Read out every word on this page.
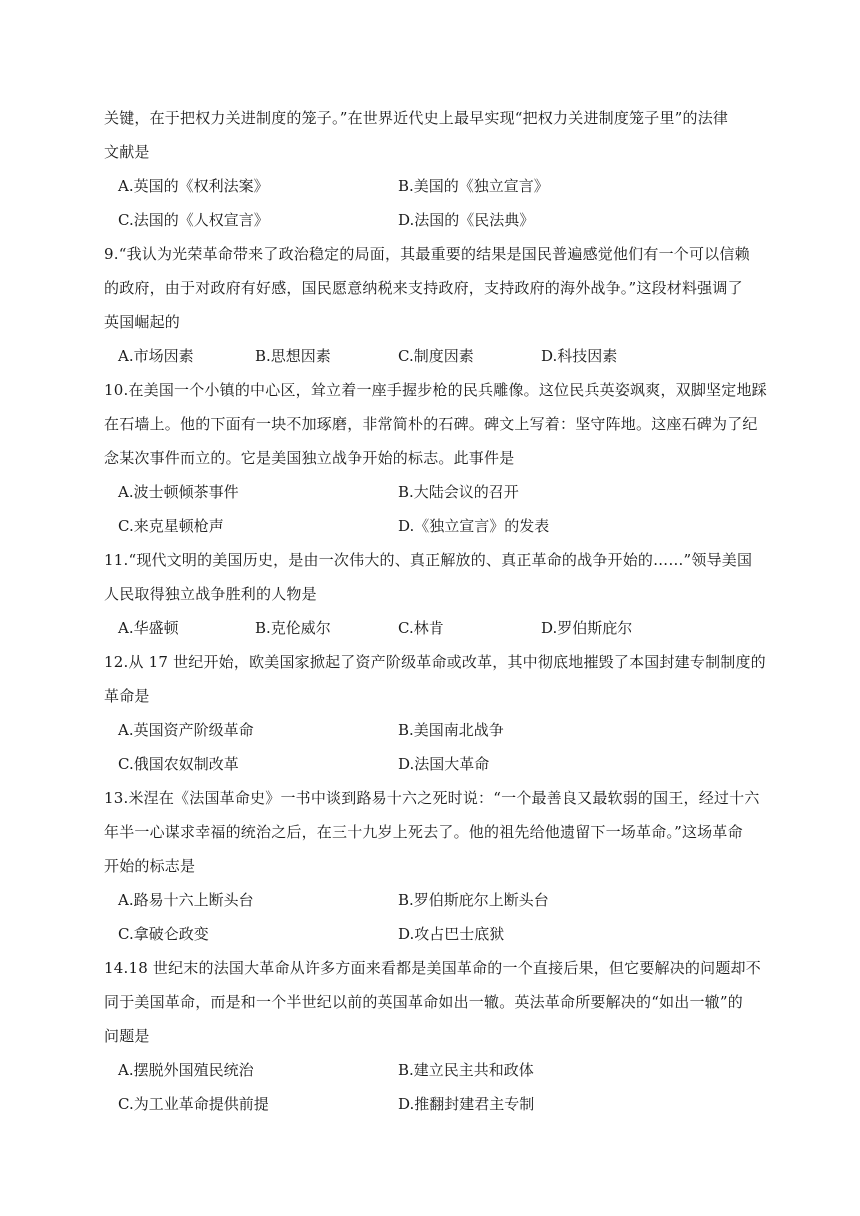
关键，在于把权力关进制度的笼子。”在世界近代史上最早实现“把权力关进制度笼子里”的法律
文献是
A.英国的《权利法案》	B.美国的《独立宣言》
C.法国的《人权宣言》	D.法国的《民法典》
9.“我认为光荣革命带来了政治稳定的局面，其最重要的结果是国民普遍感觉他们有一个可以信赖
的政府，由于对政府有好感，国民愿意纳税来支持政府，支持政府的海外战争。”这段材料强调了
英国崛起的
A.市场因素	B.思想因素	C.制度因素	D.科技因素
10.在美国一个小镇的中心区，耸立着一座手握步枪的民兵雕像。这位民兵英姿飒爽，双脚坚定地踩
在石墙上。他的下面有一块不加琢磨，非常简朴的石碑。碑文上写着：坚守阵地。这座石碑为了纪
念某次事件而立的。它是美国独立战争开始的标志。此事件是
A.波士顿倾茶事件	B.大陆会议的召开
C.来克星顿枪声	D.《独立宣言》的发表
11.“现代文明的美国历史，是由一次伟大的、真正解放的、真正革命的战争开始的……”领导美国
人民取得独立战争胜利的人物是
A.华盛顿	B.克伦威尔	C.林肯	D.罗伯斯庇尔
12.从 17 世纪开始，欧美国家掀起了资产阶级革命或改革，其中彻底地摧毁了本国封建专制制度的
革命是
A.英国资产阶级革命	B.美国南北战争
C.俄国农奴制改革	D.法国大革命
13.米涅在《法国革命史》一书中谈到路易十六之死时说：“一个最善良又最软弱的国王，经过十六
年半一心谋求幸福的统治之后，在三十九岁上死去了。他的祖先给他遗留下一场革命。”这场革命
开始的标志是
A.路易十六上断头台	B.罗伯斯庇尔上断头台
C.拿破仑政变	D.攻占巴士底狱
14.18 世纪末的法国大革命从许多方面来看都是美国革命的一个直接后果，但它要解决的问题却不
同于美国革命，而是和一个半世纪以前的英国革命如出一辙。英法革命所要解决的“如出一辙”的
问题是
A.摆脱外国殖民统治	B.建立民主共和政体
C.为工业革命提供前提	D.推翻封建君主专制
